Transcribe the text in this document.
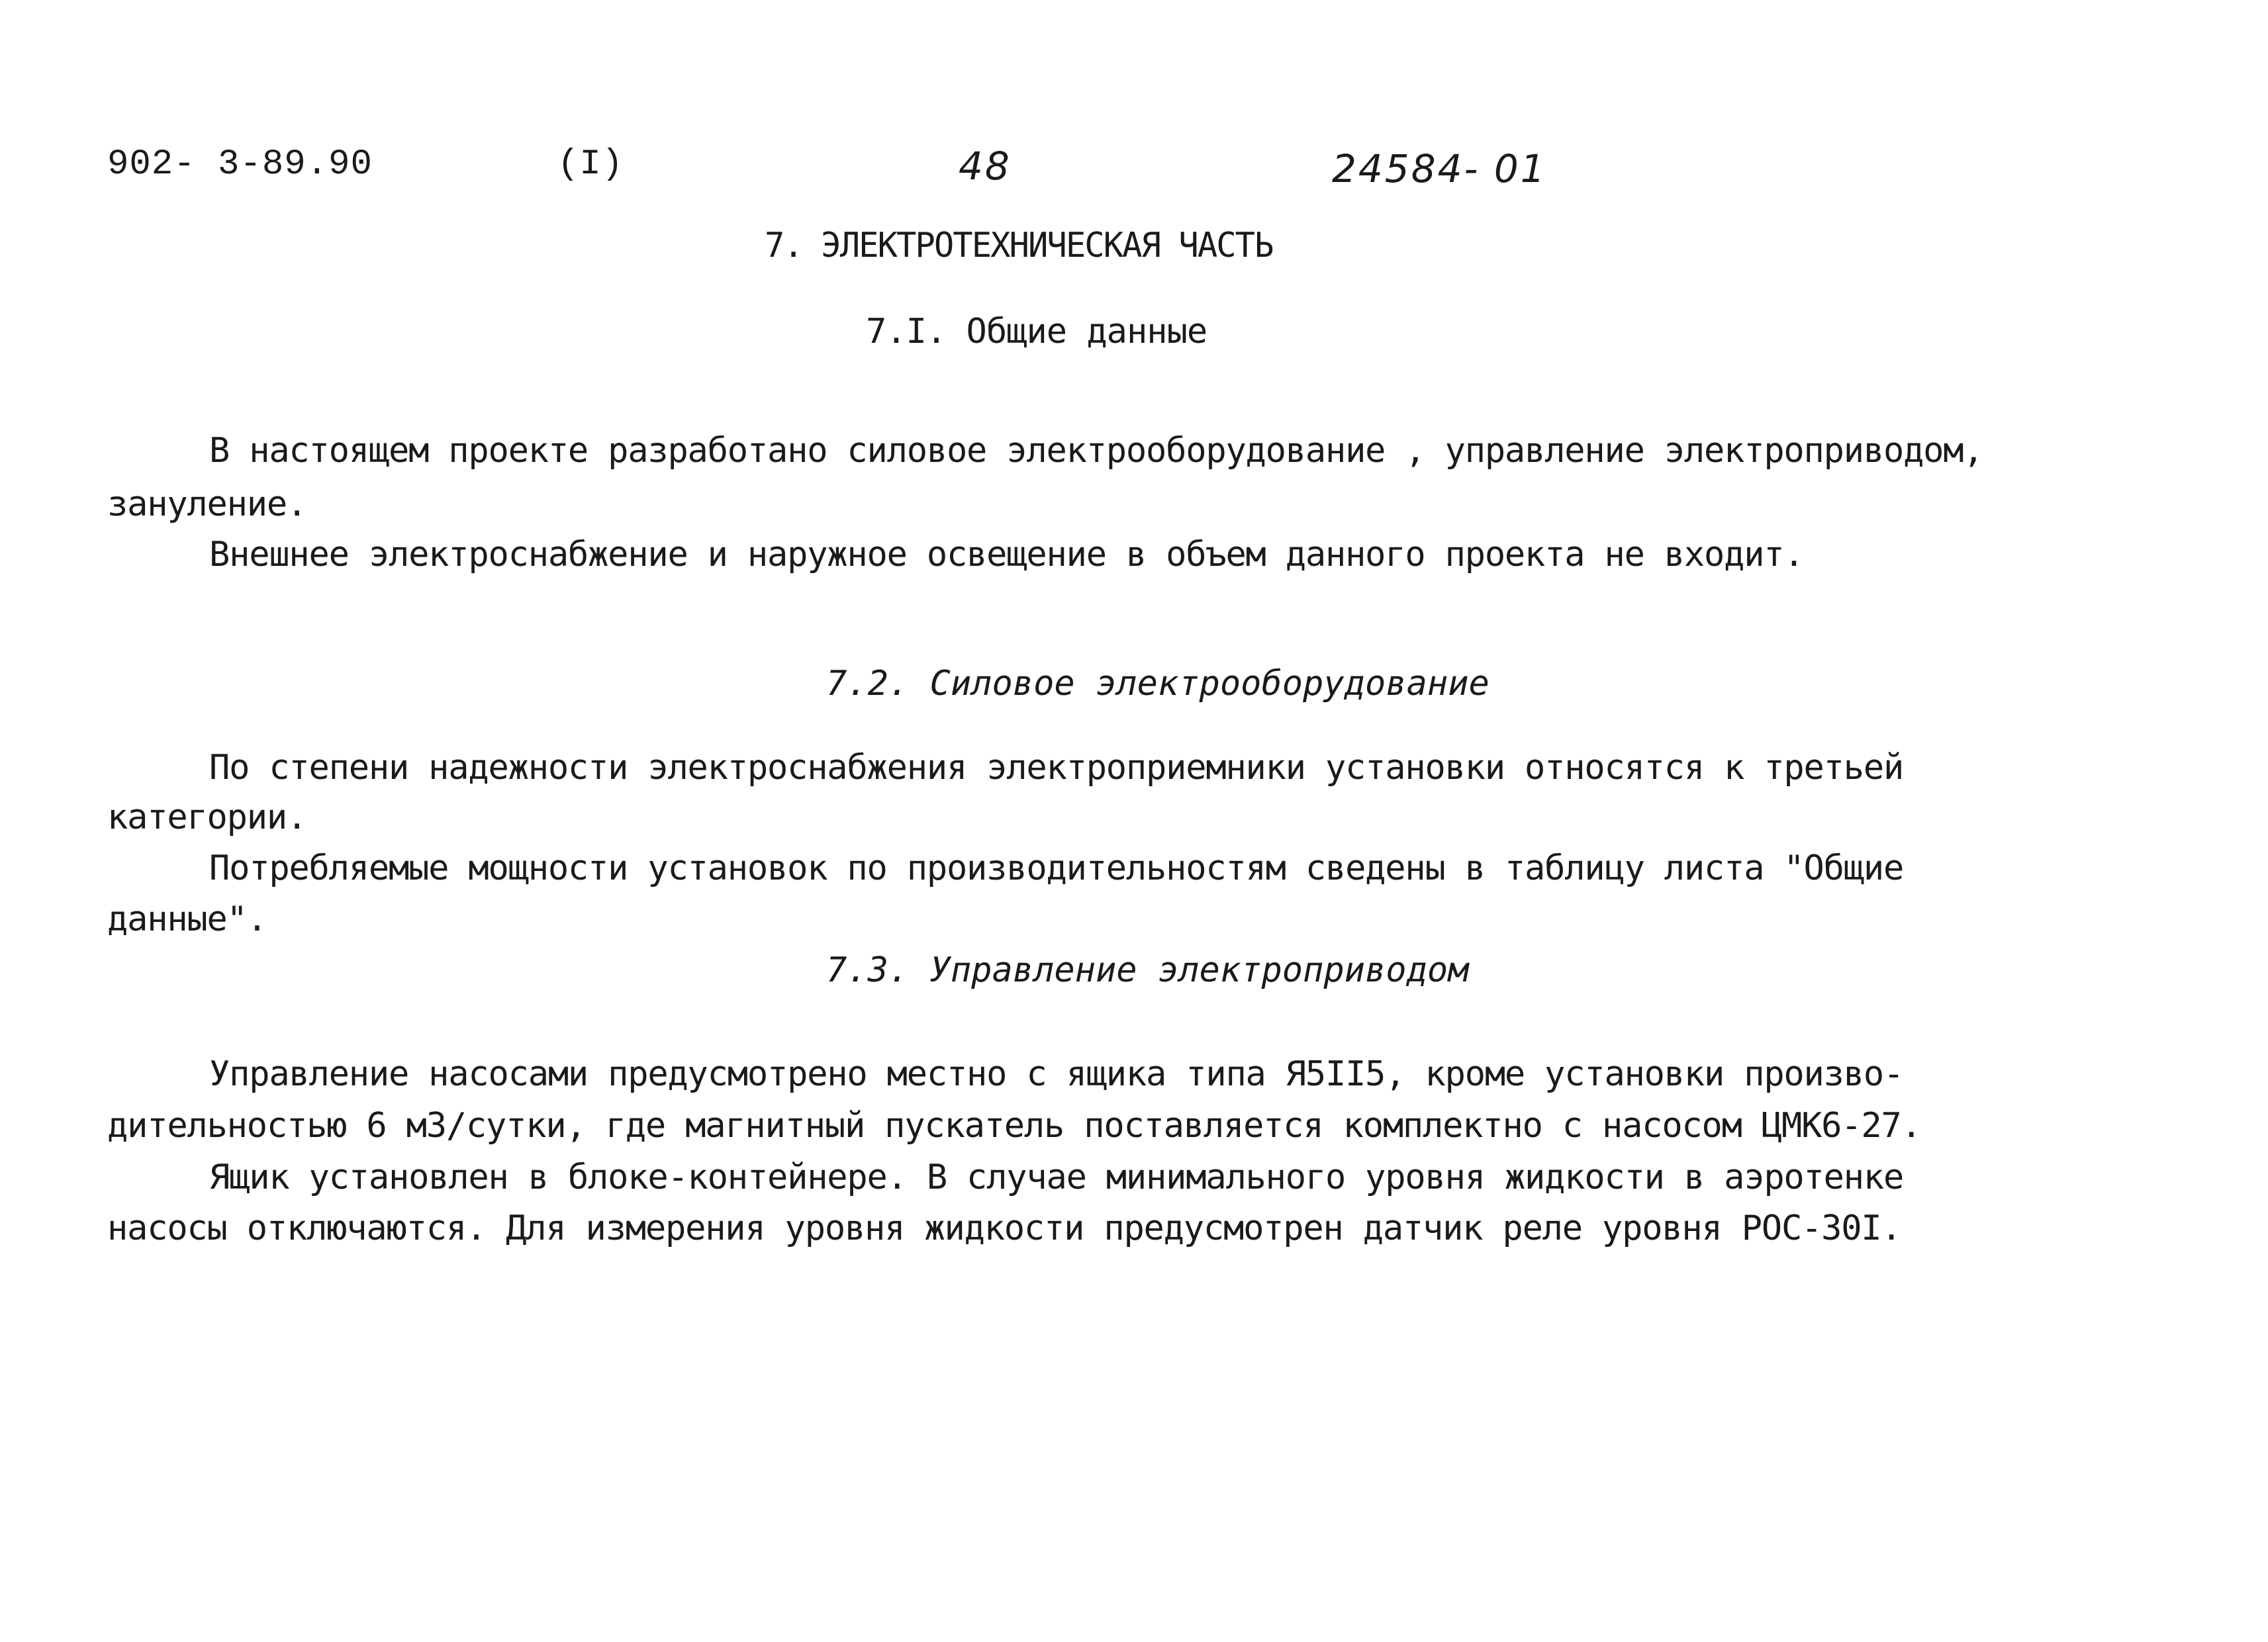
902- 3-89.90	(I)	48	24584- 01
7. ЭЛЕКТРОТЕХНИЧЕСКАЯ ЧАСТЬ
7.I. Общие данные
В настоящем проекте разработано силовое электрооборудование , управление электроприводом,
зануление.
Внешнее электроснабжение и наружное освещение в объем данного проекта не входит.
7.2. Силовое электрооборудование
По степени надежности электроснабжения электроприемники установки относятся к третьей
категории.
Потребляемые мощности установок по производительностям сведены в таблицу листа "Общие
данные".
7.3. Управление электроприводом
Управление насосами предусмотрено местно с ящика типа Я5II5, кроме установки произво-
дительностью 6 м3/сутки, где магнитный пускатель поставляется комплектно с насосом ЦМК6-27.
Ящик установлен в блоке-контейнере. В случае минимального уровня жидкости в аэротенке
насосы отключаются. Для измерения уровня жидкости предусмотрен датчик реле уровня РОС-30I.
